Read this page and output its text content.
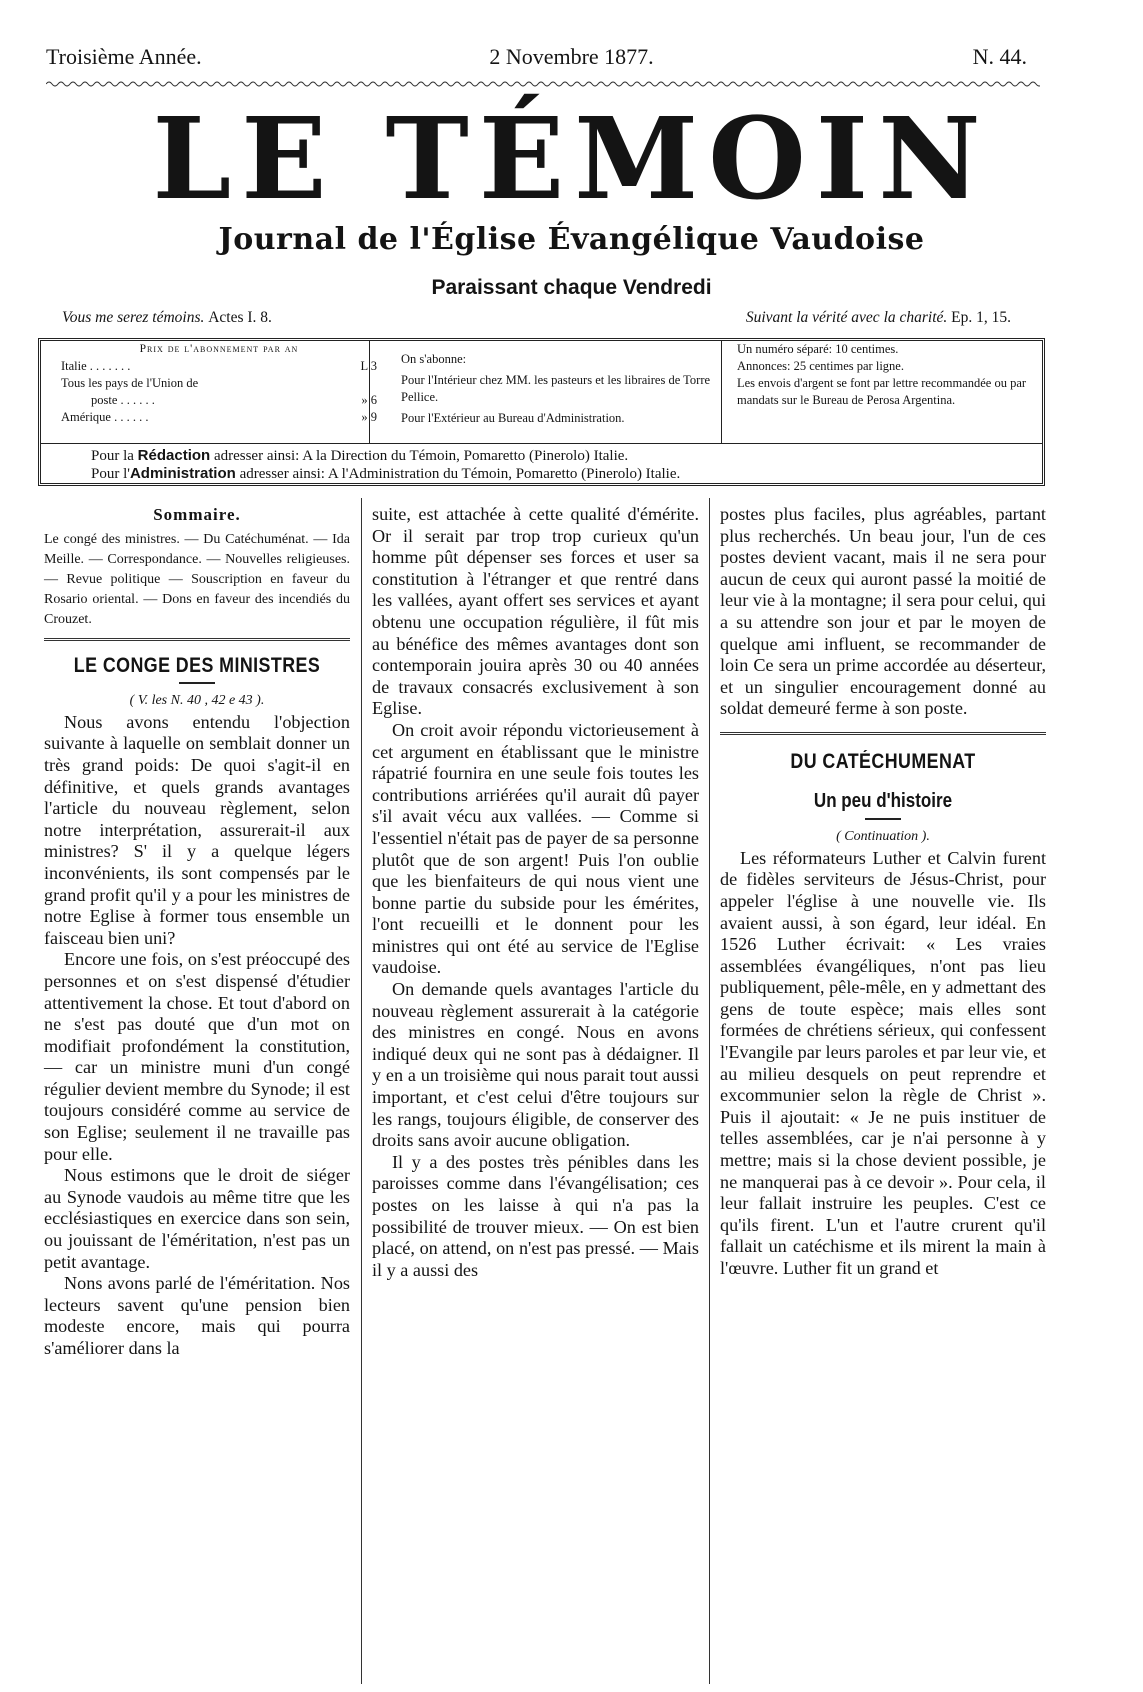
Troisième Année.	2 Novembre 1877.	N. 44.
LE TÉMOIN
Journal de l'Église Évangélique Vaudoise
Paraissant chaque Vendredi
Vous me serez témoins. Actes I. 8.	Suivant la vérité avec la charité. Ep. 1, 15.
Prix de l'abonnement par an
Italie . . . . . . .	L 3
Tous les pays de l'Union de
poste . . . . . .	» 6
Amérique . . . . . .	» 9
On s'abonne:
Pour l'Intérieur chez MM. les pasteurs et les libraires de Torre Pellice.
Pour l'Extérieur au Bureau d'Administration.
Un numéro séparé: 10 centimes.
Annonces: 25 centimes par ligne.
Les envois d'argent se font par lettre recommandée ou par mandats sur le Bureau de Perosa Argentina.
Pour la Rédaction adresser ainsi: A la Direction du Témoin, Pomaretto (Pinerolo) Italie.
Pour l'Administration adresser ainsi: A l'Administration du Témoin, Pomaretto (Pinerolo) Italie.
Sommaire.

Le congé des ministres. — Du Catéchuménat. — Ida Meille. — Correspondance. — Nouvelles religieuses. — Revue politique — Souscription en faveur du Rosario oriental. — Dons en faveur des incendiés du Crouzet.

LE CONGE DES MINISTRES

( V. les N. 40 , 42 e 43 ).

Nous avons entendu l'objection suivante à laquelle on semblait donner un très grand poids: De quoi s'agit-il en définitive, et quels grands avantages l'article du nouveau règlement, selon notre interprétation, assurerait-il aux ministres? S' il y a quelque légers inconvénients, ils sont compensés par le grand profit qu'il y a pour les ministres de notre Eglise à former tous ensemble un faisceau bien uni?

Encore une fois, on s'est préoccupé des personnes et on s'est dispensé d'étudier attentivement la chose. Et tout d'abord on ne s'est pas douté que d'un mot on modifiait profondément la constitution, — car un ministre muni d'un congé régulier devient membre du Synode; il est toujours considéré comme au service de son Eglise; seulement il ne travaille pas pour elle.

Nous estimons que le droit de siéger au Synode vaudois au même titre que les ecclésiastiques en exercice dans son sein, ou jouissant de l'éméritation, n'est pas un petit avantage.

Nons avons parlé de l'éméritation. Nos lecteurs savent qu'une pension bien modeste encore, mais qui pourra s'améliorer dans la

suite, est attachée à cette qualité d'émérite. Or il serait par trop trop curieux qu'un homme pût dépenser ses forces et user sa constitution à l'étranger et que rentré dans les vallées, ayant offert ses services et ayant obtenu une occupation régulière, il fût mis au bénéfice des mêmes avantages dont son contemporain jouira après 30 ou 40 années de travaux consacrés exclusivement à son Eglise.

On croit avoir répondu victorieusement à cet argument en établissant que le ministre rápatrié fournira en une seule fois toutes les contributions arriérées qu'il aurait dû payer s'il avait vécu aux vallées. — Comme si l'essentiel n'était pas de payer de sa personne plutôt que de son argent! Puis l'on oublie que les bienfaiteurs de qui nous vient une bonne partie du subside pour les émérites, l'ont recueilli et le donnent pour les ministres qui ont été au service de l'Eglise vaudoise.

On demande quels avantages l'article du nouveau règlement assurerait à la catégorie des ministres en congé. Nous en avons indiqué deux qui ne sont pas à dédaigner. Il y en a un troisième qui nous parait tout aussi important, et c'est celui d'être toujours sur les rangs, toujours éligible, de conserver des droits sans avoir aucune obligation.

Il y a des postes très pénibles dans les paroisses comme dans l'évangélisation; ces postes on les laisse à qui n'a pas la possibilité de trouver mieux. — On est bien placé, on attend, on n'est pas pressé. — Mais il y a aussi des

postes plus faciles, plus agréables, partant plus recherchés. Un beau jour, l'un de ces postes devient vacant, mais il ne sera pour aucun de ceux qui auront passé la moitié de leur vie à la montagne; il sera pour celui, qui a su attendre son jour et par le moyen de quelque ami influent, se recommander de loin Ce sera un prime accordée au déserteur, et un singulier encouragement donné au soldat demeuré ferme à son poste.

DU CATÉCHUMENAT
Un peu d'histoire

( Continuation ).

Les réformateurs Luther et Calvin furent de fidèles serviteurs de Jésus-Christ, pour appeler l'église à une nouvelle vie. Ils avaient aussi, à son égard, leur idéal. En 1526 Luther écrivait: « Les vraies assemblées évangéliques, n'ont pas lieu publiquement, pêle-mêle, en y admettant des gens de toute espèce; mais elles sont formées de chrétiens sérieux, qui confessent l'Evangile par leurs paroles et par leur vie, et au milieu desquels on peut reprendre et excommunier selon la règle de Christ ». Puis il ajoutait: « Je ne puis instituer de telles assemblées, car je n'ai personne à y mettre; mais si la chose devient possible, je ne manquerai pas à ce devoir ». Pour cela, il leur fallait instruire les peuples. C'est ce qu'ils firent. L'un et l'autre crurent qu'il fallait un catéchisme et ils mirent la main à l'œuvre. Luther fit un grand et
